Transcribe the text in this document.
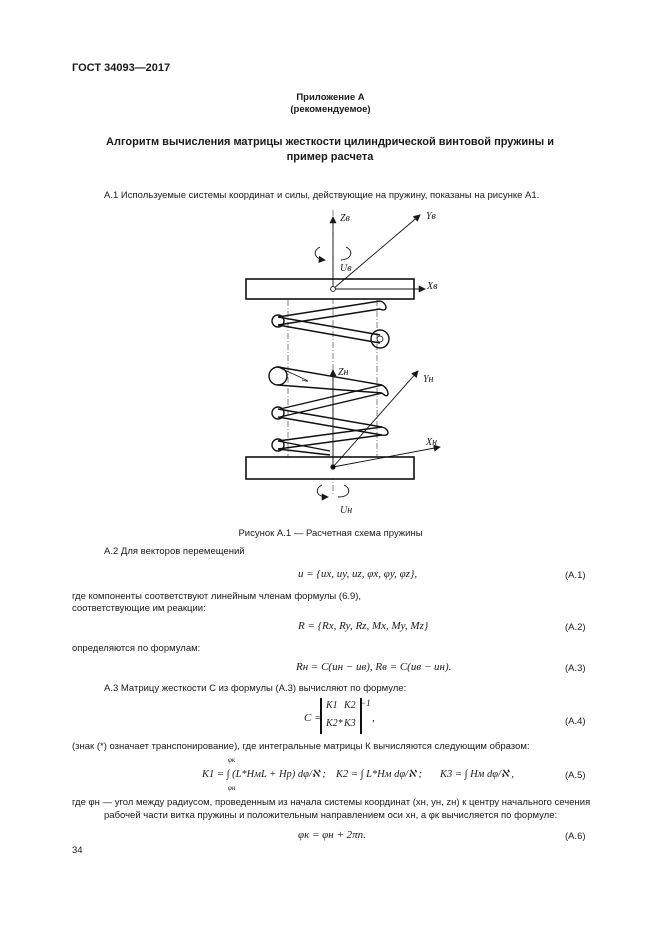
ГОСТ 34093—2017
Приложение А
(рекомендуемое)
Алгоритм вычисления матрицы жесткости цилиндрической винтовой пружины и пример расчета
А.1 Используемые системы координат и силы, действующие на пружину, показаны на рисунке А1.
Zв	Yв
Xв
Uв
Zн
Yн
Xн
Uн
Рисунок А.1 — Расчетная схема пружины
А.2 Для векторов перемещений
u = {ux, uy, uz, φx, φy, φz},	(А.1)
где компоненты соответствуют линейным членам формулы (6.9),
соответствующие им реакции:
R = {Rx, Ry, Rz, Mx, My, Mz}	(А.2)
определяются по формулам:
Rн = C(uн − uв), Rв = C(uв − uн).	(А.3)
А.3 Матрицу жесткости С из формулы (А.3) вычисляют по формуле:
C =
K1 K2
K2* K3
−1
,	(А.4)
(знак (*) означает транспонирование), где интегральные матрицы К вычисляются следующим образом:
K1 = ∫ (L*HмL + Hр) dφ/ℵ ; K2 = ∫ L*Hм dφ/ℵ ; K3 = ∫ Hм dφ/ℵ ,
φк
φн
(А.5)
где φн — угол между радиусом, проведенным из начала системы координат (xн, yн, zн) к центру начального сечения
рабочей части витка пружины и положительным направлением оси xн, а φк вычисляется по формуле:
φк = φн + 2πn.	(А.6)
34
